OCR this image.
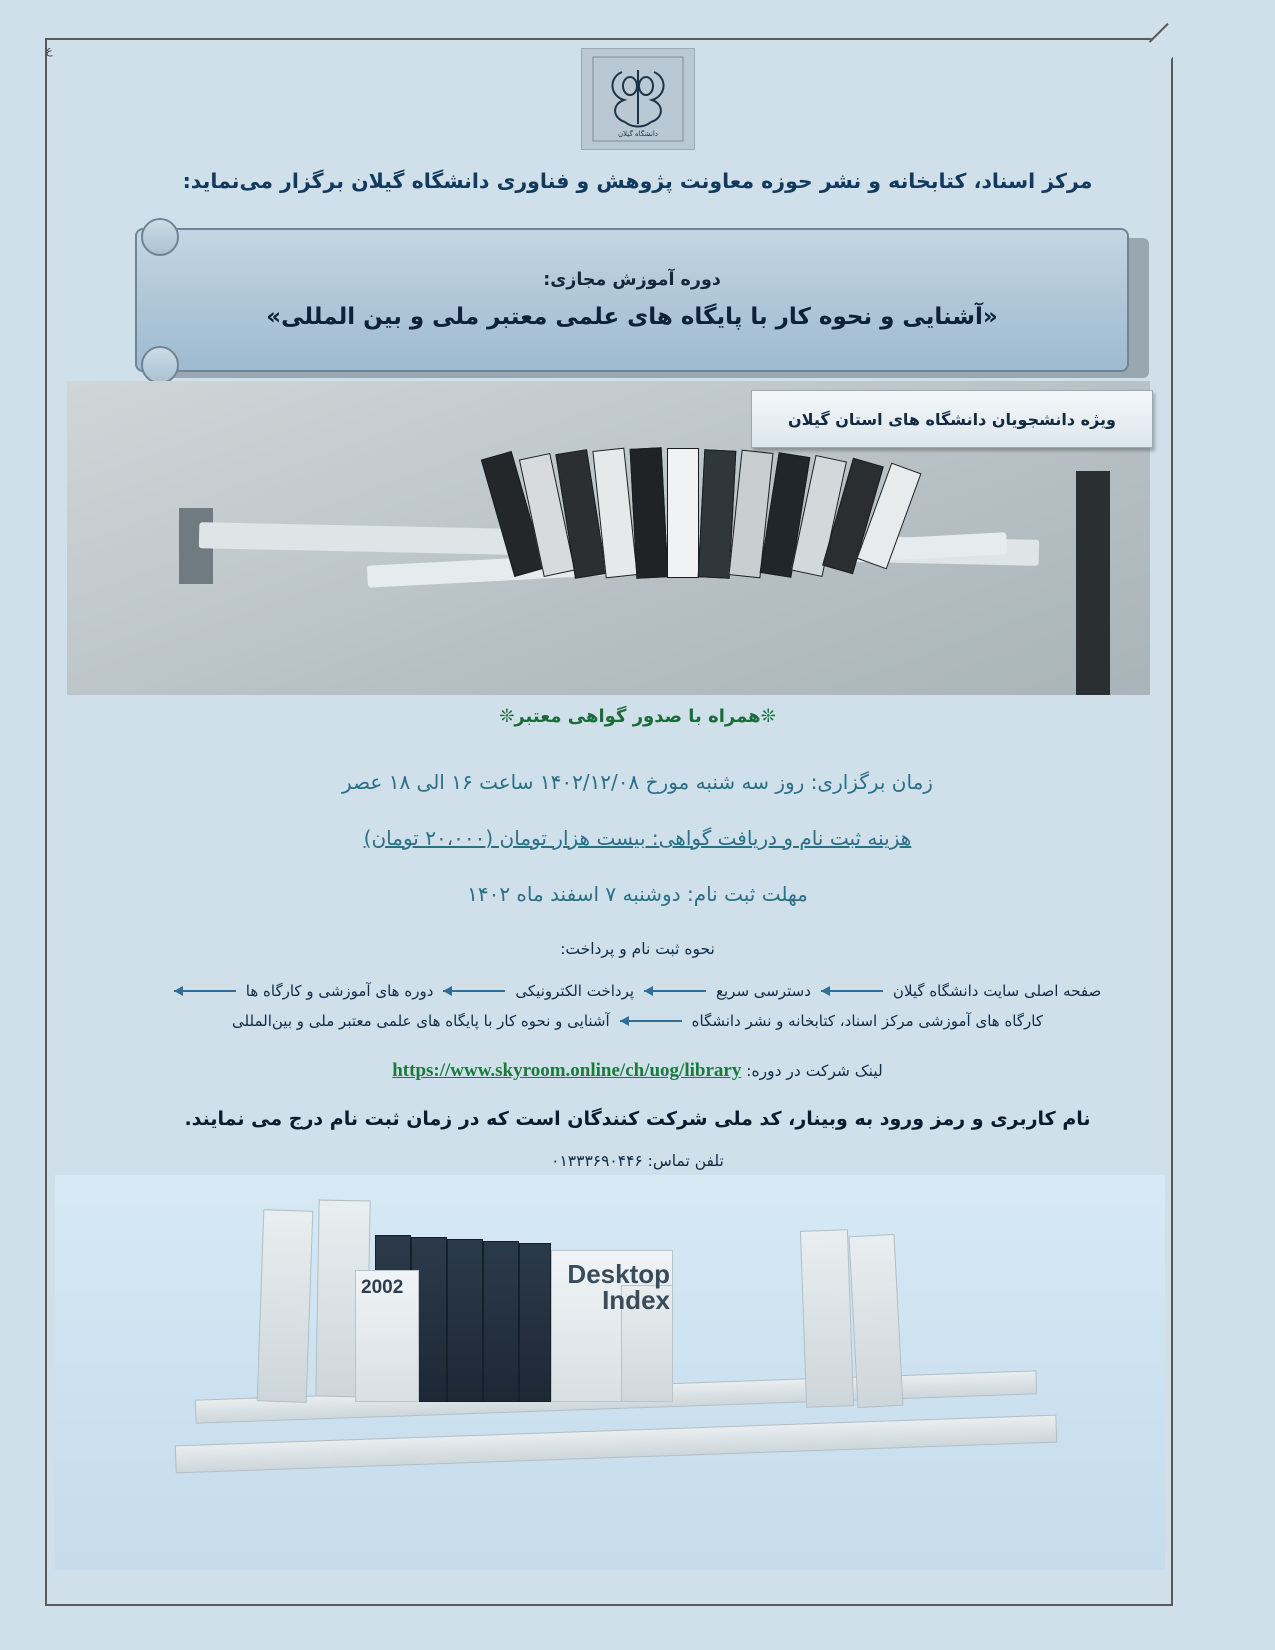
ع
دانشگاه گیلان
مرکز اسناد، کتابخانه و نشر حوزه معاونت پژوهش و فناوری دانشگاه گیلان برگزار می‌نماید:
دوره آموزش مجازی:
«آشنایی و نحوه کار با پایگاه های علمی معتبر ملی و بین المللی»
ویژه دانشجویان دانشگاه های استان گیلان
❊همراه با صدور گواهی معتبر❊
زمان برگزاری: روز سه شنبه مورخ ۱۴۰۲/۱۲/۰۸ ساعت ۱۶ الی ۱۸ عصر
هزینه ثبت نام و دریافت گواهی: بیست هزار تومان (۲۰،۰۰۰ تومان)
مهلت ثبت نام: دوشنبه ۷ اسفند ماه ۱۴۰۲
نحوه ثبت نام و پرداخت:
صفحه اصلی سایت دانشگاه گیلان
دسترسی سریع
پرداخت الکترونیکی
دوره های آموزشی و کارگاه ها
کارگاه های آموزشی مرکز اسناد، کتابخانه و نشر دانشگاه
آشنایی و نحوه کار با پایگاه های علمی معتبر ملی و بین‌المللی
لینک شرکت در دوره: https://www.skyroom.online/ch/uog/library
نام کاربری و رمز ورود به وبینار، کد ملی شرکت کنندگان است که در زمان ثبت نام درج می نمایند.
تلفن تماس: ۰۱۳۳۳۶۹۰۴۴۶
2002	Desktop Index
